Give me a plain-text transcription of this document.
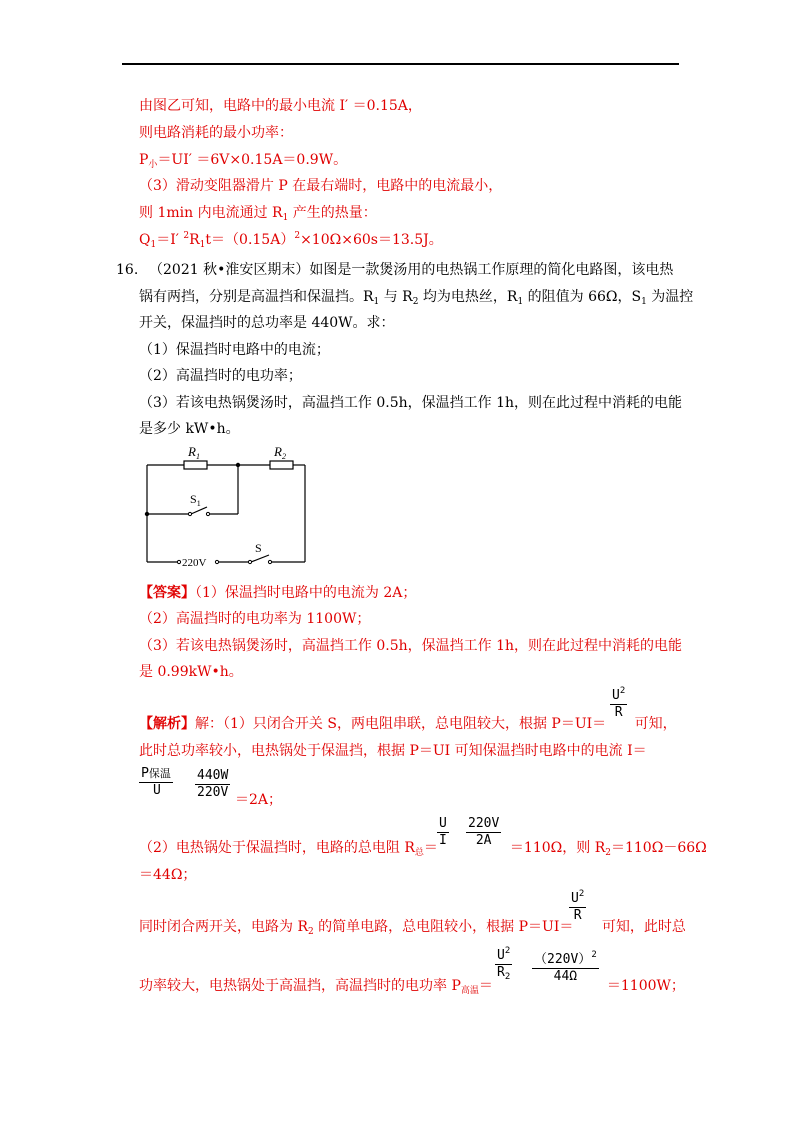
由图乙可知，电路中的最小电流 I′ ＝0.15A，
则电路消耗的最小功率：
$P_小=UI' =6V\times 0.15A=0.9W$。
（3）滑动变阻器滑片 P 在最右端时，电路中的电流最小，
则 1min 内电流通过 $R_1$ 产生的热量：
$Q_1=I'$ $^2R_1t=(0.15A)^2\times 10\Omega\times 60s=13.5J$。
16. （2021 秋•淮安区期末）如图是一款煲汤用的电热锅工作原理的简化电路图，该电热
锅有两挡，分别是高温挡和保温挡。$R_1$ 与 $R_2$ 均为电热丝，$R_1$ 的阻值为 66Ω，$S_1$ 为温控
开关，保温挡时的总功率是 440W。求：
（1）保温挡时电路中的电流；
（2）高温挡时的电功率；
（3）若该电热锅煲汤时，高温挡工作 0.5h，保温挡工作 1h，则在此过程中消耗的电能
是多少 kW•h。
$R_1$	$R_2$
$S_1$
S
220V
【答案】（1）保温挡时电路中的电流为 2A；
（2）高温挡时的电功率为 1100W；
（3）若该电热锅煲汤时，高温挡工作 0.5h，保温挡工作 1h，则在此过程中消耗的电能
是 0.99kW•h。
【解析】解：（1）只闭合开关 S，两电阻串联，总电阻较大，根据 P＝UI＝ 可知，
$\frac{U^2}{R}$
此时总功率较小，电热锅处于保温挡，根据 P＝UI 可知保温挡时电路中的电流 I＝
P保温
U	$\frac{440W}{220V} =2A$；
（2）电热锅处于保温挡时，电路的总电阻 $R_总=$	＝110Ω，则 $R_2=110\Omega-66\Omega$
$\frac{U}{I} \frac{220V}{2A}$
＝44Ω；
同时闭合两开关，电路为 $R_2$ 的简单电路，总电阻较小，根据 P＝UI＝ 可知，此时总
$\frac{U^2}{R}$
功率较大，电热锅处于高温挡，高温挡时的电功率 $P_{高温}=$	＝1100W；
$\frac{U^2}{R_2} \frac{(220V)^2}{44\Omega}$
